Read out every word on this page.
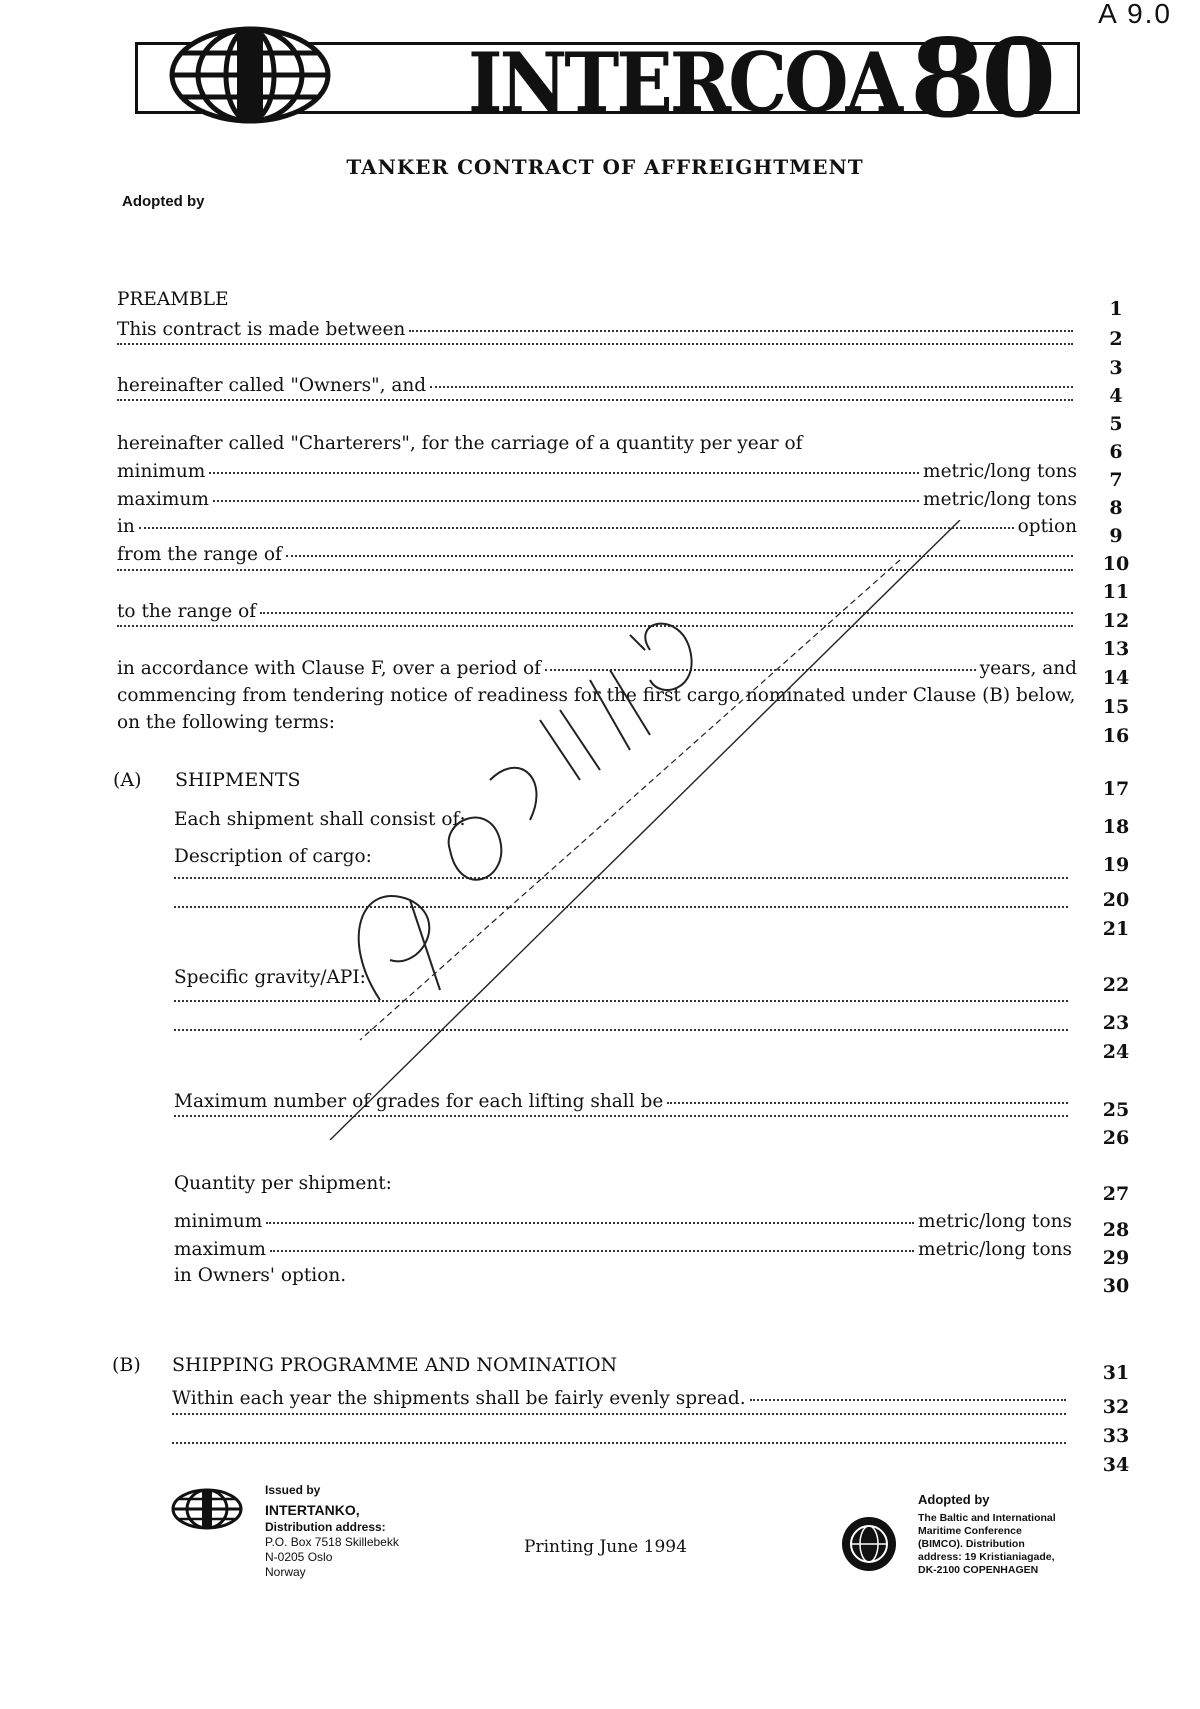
A 9.0
INTERCOA 80
TANKER CONTRACT OF AFFREIGHTMENT
Adopted by
PREAMBLE
This contract is made between
hereinafter called "Owners", and
hereinafter called "Charterers", for the carriage of a quantity per year of
minimum	metric/long tons
maximum	metric/long tons
in	option
from the range of
to the range of
in accordance with Clause F, over a period of	years, and
commencing from tendering notice of readiness for the first cargo nominated under Clause (B) below,
on the following terms:
(A) SHIPMENTS
Each shipment shall consist of:
Description of cargo:
Specific gravity/API:
Maximum number of grades for each lifting shall be
Quantity per shipment:
minimum	metric/long tons
maximum	metric/long tons
in Owners' option.
(B) SHIPPING PROGRAMME AND NOMINATION
Within each year the shipments shall be fairly evenly spread.
1
2
3
4
5
6
7
8
9
10
11
12
13
14
15
16
17
18
19
20
21
22
23
24
25
26
27
28
29
30
31
32
33
34
Issued by
INTERTANKO,
Distribution address:
P.O. Box 7518 Skillebekk
N-0205 Oslo
Norway
Printing June 1994
Adopted by
The Baltic and International
Maritime Conference
(BIMCO). Distribution
address: 19 Kristianiagade,
DK-2100 COPENHAGEN
